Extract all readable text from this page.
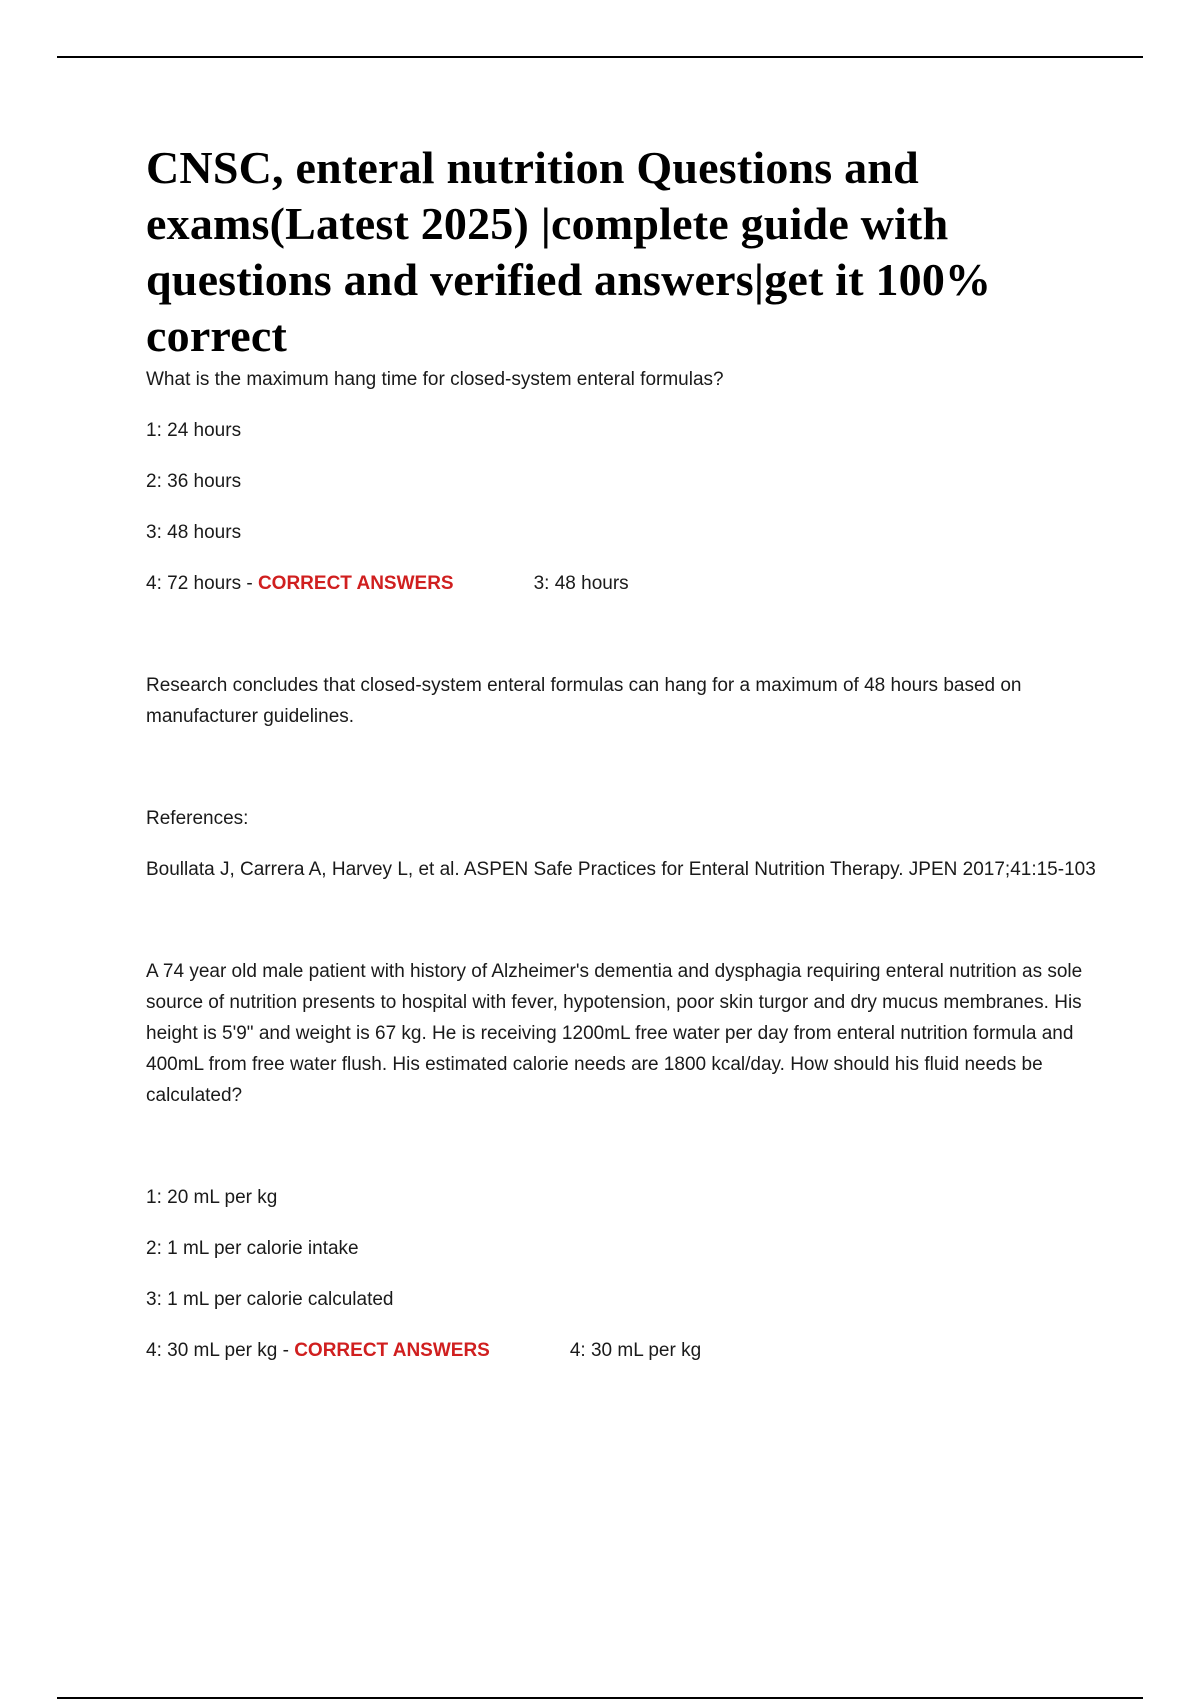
CNSC, enteral nutrition Questions and exams(Latest 2025) |complete guide with questions and verified answers|get it 100% correct

What is the maximum hang time for closed-system enteral formulas?

1: 24 hours

2: 36 hours

3: 48 hours

4: 72 hours - CORRECT ANSWERS	3: 48 hours

Research concludes that closed-system enteral formulas can hang for a maximum of 48 hours based on manufacturer guidelines.

References:

Boullata J, Carrera A, Harvey L, et al. ASPEN Safe Practices for Enteral Nutrition Therapy. JPEN 2017;41:15-103

A 74 year old male patient with history of Alzheimer's dementia and dysphagia requiring enteral nutrition as sole source of nutrition presents to hospital with fever, hypotension, poor skin turgor and dry mucus membranes. His height is 5'9" and weight is 67 kg. He is receiving 1200mL free water per day from enteral nutrition formula and 400mL from free water flush. His estimated calorie needs are 1800 kcal/day. How should his fluid needs be calculated?

1: 20 mL per kg

2: 1 mL per calorie intake

3: 1 mL per calorie calculated

4: 30 mL per kg - CORRECT ANSWERS	4: 30 mL per kg
